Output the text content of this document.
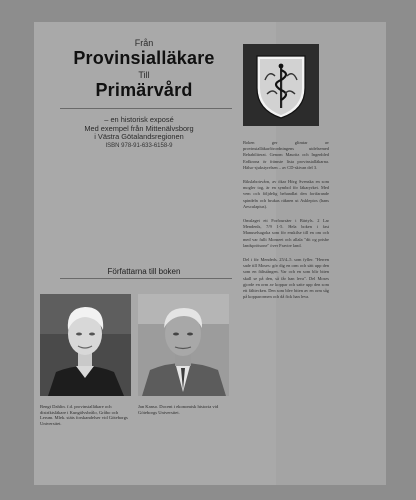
Från
Provinsialläkare
Till
Primärvård
– en historisk exposé
Med exempel från Mittenälvsborg
i Västra Götalandsregionen
ISBN 978-91-633-6158-9
Författarna till boken
Bengt Dahlin. f.d. provinsialläkare och distriktsläkare i Kungälvsbrålo, Gråbo och Lerum. Mlek. stäts forskandelser vid Göteborgs Universitet.
Jan Kanso. Docent i ekonomisk historia vid Göteborgs Universitet.
Boken ger glimtar av provinsialläkarförordningens utdelsemed Rehabiliterat. Genom Mauritz och Ingenbled Erdkrona ör främste lista provinsialläkarna. Hälso-sjukstyrelsen – av CD-skivan del 3.
Rikslabotrvårn, av ökar Hörg Svenska en som mogler tog, är en symbol för läkaryrket. Med vem och följdelig behandlat den fortfarande spindeln och brukas räknen ut Asklepios (hans Aesculapius).
Omslaget ett Forfoursäer i Bärtyls. 2 Lar Mendenls, 7/9 1-5. Hela boken i fast Manuselsagoka som för enskilse till en om och med var fullt Monseet och allala "dit og prisbe landsprötsone" över Fravire land.
Del i för Mendeds. 25/4–5. som fyller. "Herren sade till Moses: gör dig en orm och sätt upp den som en fältstången. Var och en som blir biten skall se på den, så får han leva". Del Moses gjorde en orm av koppar och satte upp den som ett fälttecken. Den som blev biten av en orm såg på kopparormen och då fick han leva.
